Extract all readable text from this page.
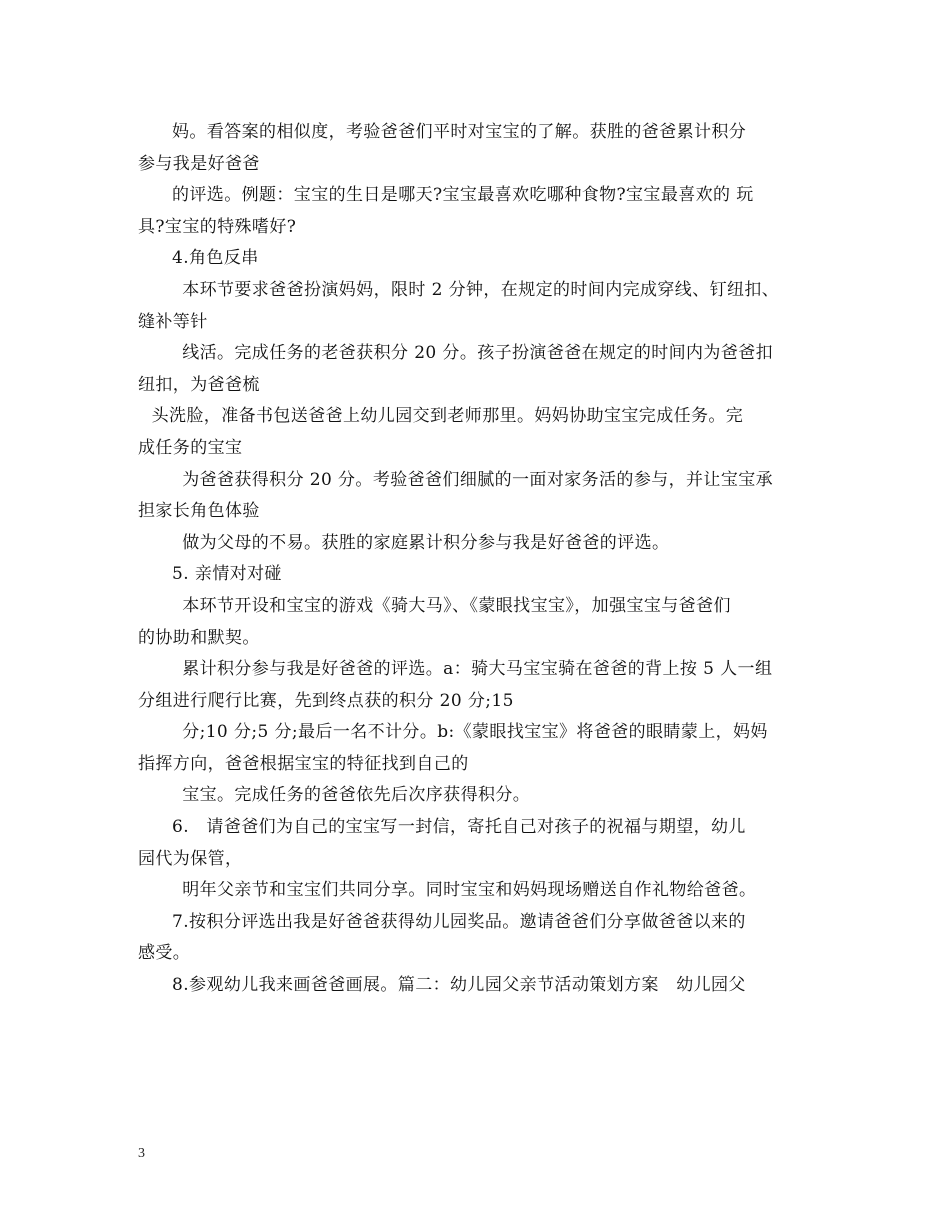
妈。看答案的相似度，考验爸爸们平时对宝宝的了解。获胜的爸爸累计积分
参与我是好爸爸
的评选。例题：宝宝的生日是哪天?宝宝最喜欢吃哪种食物?宝宝最喜欢的 玩
具?宝宝的特殊嗜好?
4.角色反串
本环节要求爸爸扮演妈妈，限时 2 分钟，在规定的时间内完成穿线、钉纽扣、
缝补等针
线活。完成任务的老爸获积分 20 分。孩子扮演爸爸在规定的时间内为爸爸扣
纽扣，为爸爸梳
头洗脸，准备书包送爸爸上幼儿园交到老师那里。妈妈协助宝宝完成任务。完
成任务的宝宝
为爸爸获得积分 20 分。考验爸爸们细腻的一面对家务活的参与，并让宝宝承
担家长角色体验
做为父母的不易。获胜的家庭累计积分参与我是好爸爸的评选。
5. 亲情对对碰
本环节开设和宝宝的游戏《骑大马》、《蒙眼找宝宝》，加强宝宝与爸爸们
的协助和默契。
累计积分参与我是好爸爸的评选。a：骑大马宝宝骑在爸爸的背上按 5 人一组
分组进行爬行比赛，先到终点获的积分 20 分;15
分;10 分;5 分;最后一名不计分。b:《蒙眼找宝宝》将爸爸的眼睛蒙上，妈妈
指挥方向，爸爸根据宝宝的特征找到自己的
宝宝。完成任务的爸爸依先后次序获得积分。
6.　请爸爸们为自己的宝宝写一封信，寄托自己对孩子的祝福与期望，幼儿
园代为保管，
明年父亲节和宝宝们共同分享。同时宝宝和妈妈现场赠送自作礼物给爸爸。
7.按积分评选出我是好爸爸获得幼儿园奖品。邀请爸爸们分享做爸爸以来的
感受。
8.参观幼儿我来画爸爸画展。篇二：幼儿园父亲节活动策划方案　幼儿园父
3
